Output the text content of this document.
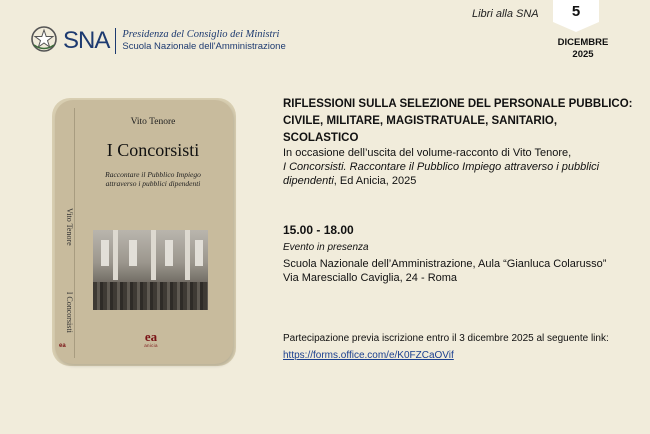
SNA Presidenza del Consiglio dei Ministri
Scuola Nazionale dell'Amministrazione
Libri alla SNA	5
DICEMBRE
2025
Vito Tenore  I Concorsisti
Vito Tenore
I Concorsisti
Raccontare il Pubblico Impiego
attraverso i pubblici dipendenti
ea
anicia
ea
RIFLESSIONI SULLA SELEZIONE DEL PERSONALE PUBBLICO:
CIVILE, MILITARE, MAGISTRATUALE, SANITARIO, SCOLASTICO
In occasione dell’uscita del volume-racconto di Vito Tenore,
I Concorsisti. Raccontare il Pubblico Impiego attraverso i pubblici dipendenti, Ed Anicia, 2025
15.00 - 18.00
Evento in presenza
Scuola Nazionale dell’Amministrazione, Aula “Gianluca Colarusso”
Via Maresciallo Caviglia, 24 - Roma
Partecipazione previa iscrizione entro il 3 dicembre 2025 al seguente link:
https://forms.office.com/e/K0FZCaOVif
